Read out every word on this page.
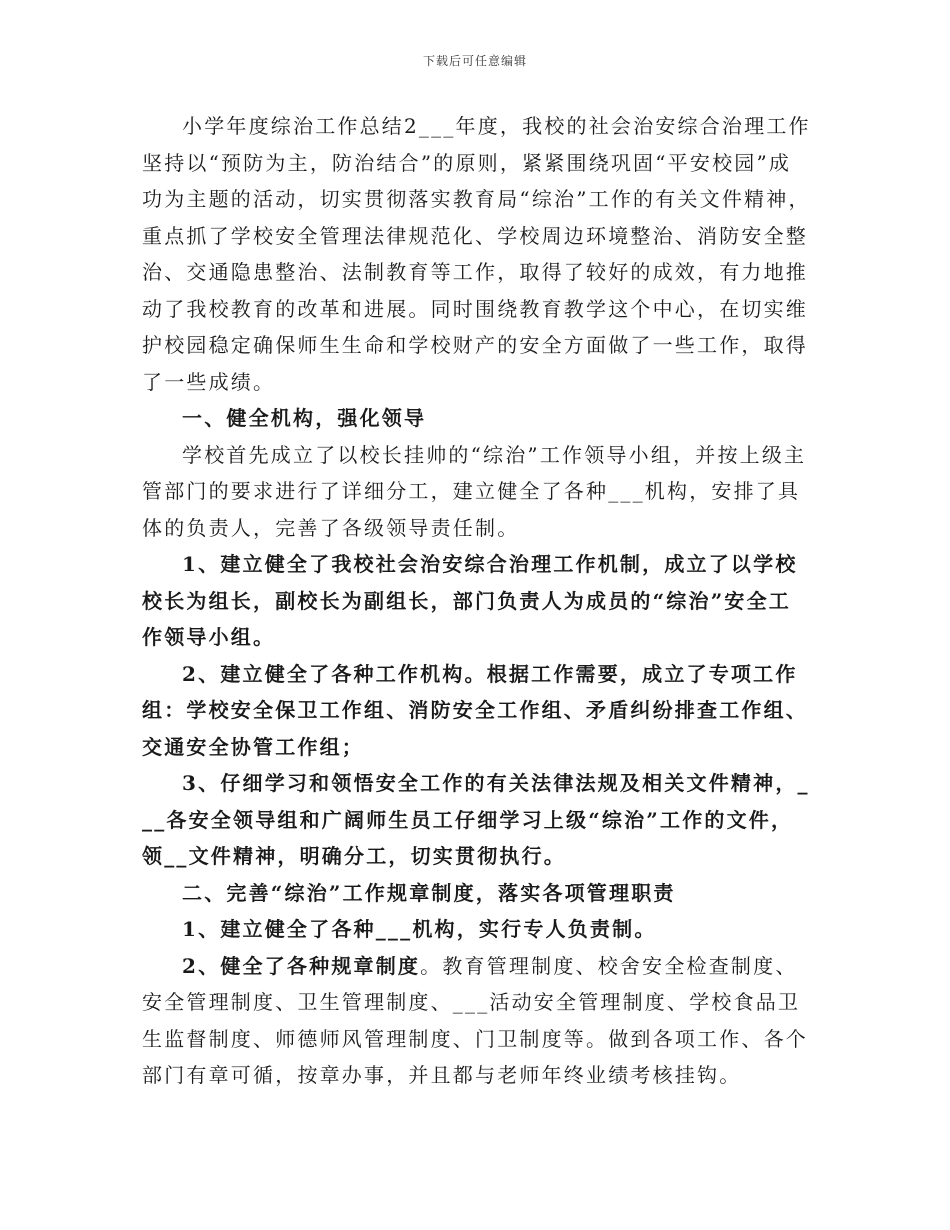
下载后可任意编辑

小学年度综治工作总结2___年度，我校的社会治安综合治理工作坚持以“预防为主，防治结合”的原则，紧紧围绕巩固“平安校园”成功为主题的活动，切实贯彻落实教育局“综治”工作的有关文件精神，重点抓了学校安全管理法律规范化、学校周边环境整治、消防安全整治、交通隐患整治、法制教育等工作，取得了较好的成效，有力地推动了我校教育的改革和进展。同时围绕教育教学这个中心，在切实维护校园稳定确保师生生命和学校财产的安全方面做了一些工作，取得了一些成绩。

一、健全机构，强化领导

学校首先成立了以校长挂帅的“综治”工作领导小组，并按上级主管部门的要求进行了详细分工，建立健全了各种___机构，安排了具体的负责人，完善了各级领导责任制。

1、建立健全了我校社会治安综合治理工作机制，成立了以学校校长为组长，副校长为副组长，部门负责人为成员的“综治”安全工作领导小组。

2、建立健全了各种工作机构。根据工作需要，成立了专项工作组：学校安全保卫工作组、消防安全工作组、矛盾纠纷排查工作组、交通安全协管工作组；

3、仔细学习和领悟安全工作的有关法律法规及相关文件精神，___各安全领导组和广阔师生员工仔细学习上级“综治”工作的文件，领__文件精神，明确分工，切实贯彻执行。

二、完善“综治”工作规章制度，落实各项管理职责

1、建立健全了各种___机构，实行专人负责制。

2、健全了各种规章制度。教育管理制度、校舍安全检查制度、安全管理制度、卫生管理制度、___活动安全管理制度、学校食品卫生监督制度、师德师风管理制度、门卫制度等。做到各项工作、各个部门有章可循，按章办事，并且都与老师年终业绩考核挂钩。
